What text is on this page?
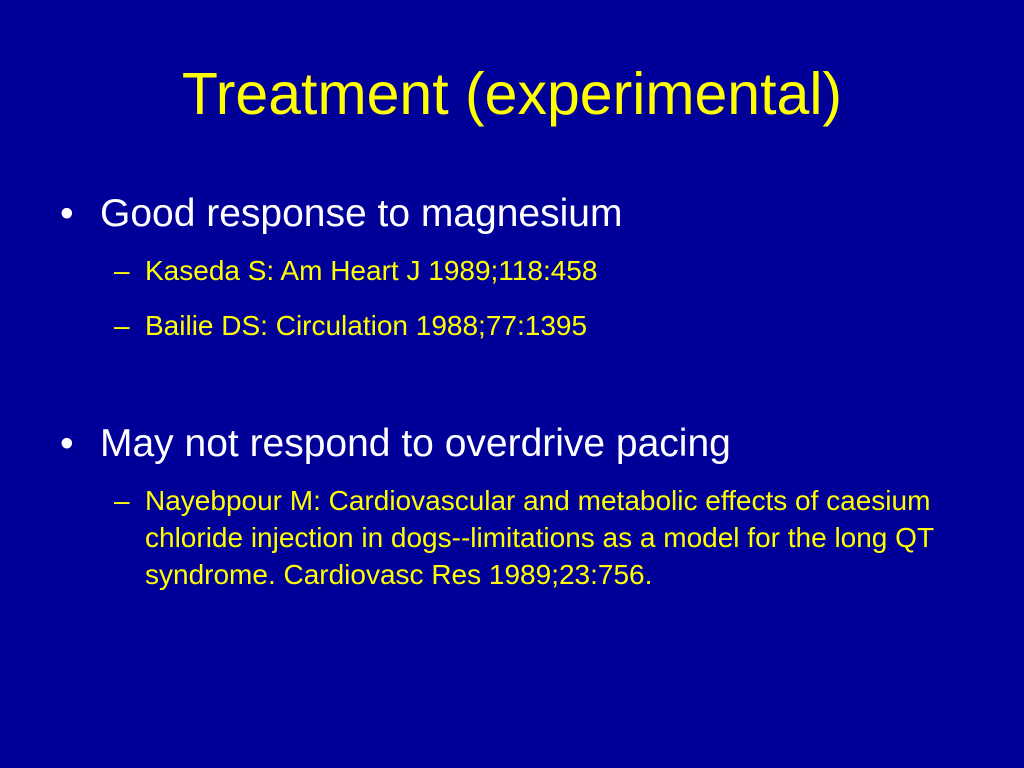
Treatment (experimental)
• Good response to magnesium
– Kaseda S: Am Heart J 1989;118:458
– Bailie DS: Circulation 1988;77:1395
• May not respond to overdrive pacing
– Nayebpour M: Cardiovascular and metabolic effects of caesium chloride injection in dogs--limitations as a model for the long QT syndrome. Cardiovasc Res 1989;23:756.
